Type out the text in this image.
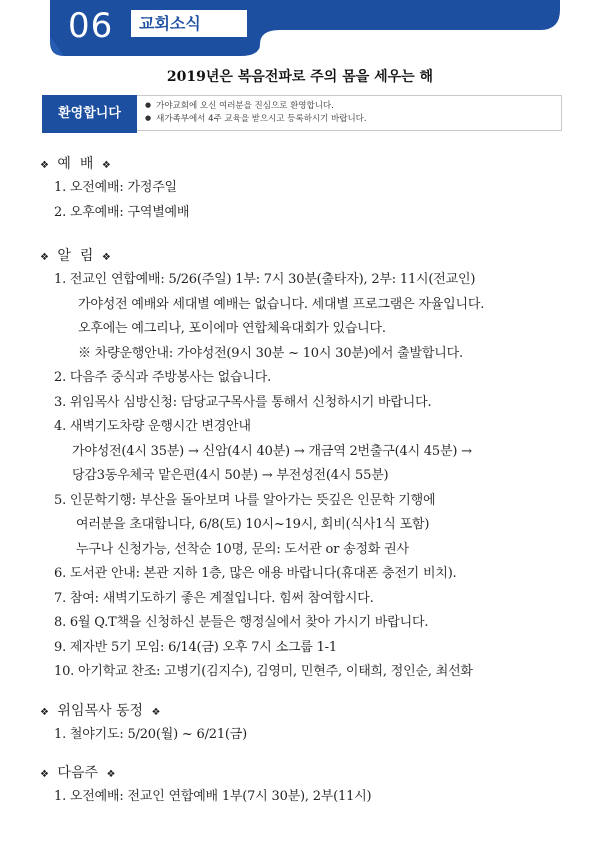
06	교회소식
2019년은 복음전파로 주의 몸을 세우는 해
환영합니다
●	가야교회에 오신 여러분을 진심으로 환영합니다.
● 새가족부에서 4주 교육을 받으시고 등록하시기 바랍니다.
❖ 예  배 ❖
1. 오전예배: 가정주일
2. 오후예배: 구역별예배
❖ 알  림 ❖
1. 전교인 연합예배: 5/26(주일) 1부: 7시 30분(출타자), 2부: 11시(전교인)
가야성전 예배와 세대별 예배는 없습니다. 세대별 프로그램은 자율입니다.
오후에는 예그리나, 포이에마 연합체육대회가 있습니다.
※ 차량운행안내: 가야성전(9시 30분 ~ 10시 30분)에서 출발합니다.
2. 다음주 중식과 주방봉사는 없습니다.
3. 위임목사 심방신청: 담당교구목사를 통해서 신청하시기 바랍니다.
4. 새벽기도차량 운행시간 변경안내
가야성전(4시 35분) → 신암(4시 40분) → 개금역 2번출구(4시 45분) →
당감3동우체국 맡은편(4시 50분) → 부전성전(4시 55분)
5. 인문학기행: 부산을 돌아보며 나를 알아가는 뜻깊은 인문학 기행에
여러분을 초대합니다, 6/8(토) 10시~19시, 회비(식사1식 포함)
누구나 신청가능, 선착순 10명, 문의: 도서관 or 송정화 권사
6. 도서관 안내: 본관 지하 1층, 많은 애용 바랍니다(휴대폰 충전기 비치).
7. 참여: 새벽기도하기 좋은 계절입니다. 힘써 참여합시다.
8. 6월 Q.T책을 신청하신 분들은 행정실에서 찾아 가시기 바랍니다.
9. 제자반 5기 모임: 6/14(금) 오후 7시 소그룹 1-1
10. 아기학교 찬조: 고병기(김지수), 김영미, 민현주, 이태희, 정인순, 최선화
❖ 위임목사 동정 ❖
1. 철야기도: 5/20(월) ~ 6/21(금)
❖ 다음주 ❖
1. 오전예배: 전교인 연합예배 1부(7시 30분), 2부(11시)
